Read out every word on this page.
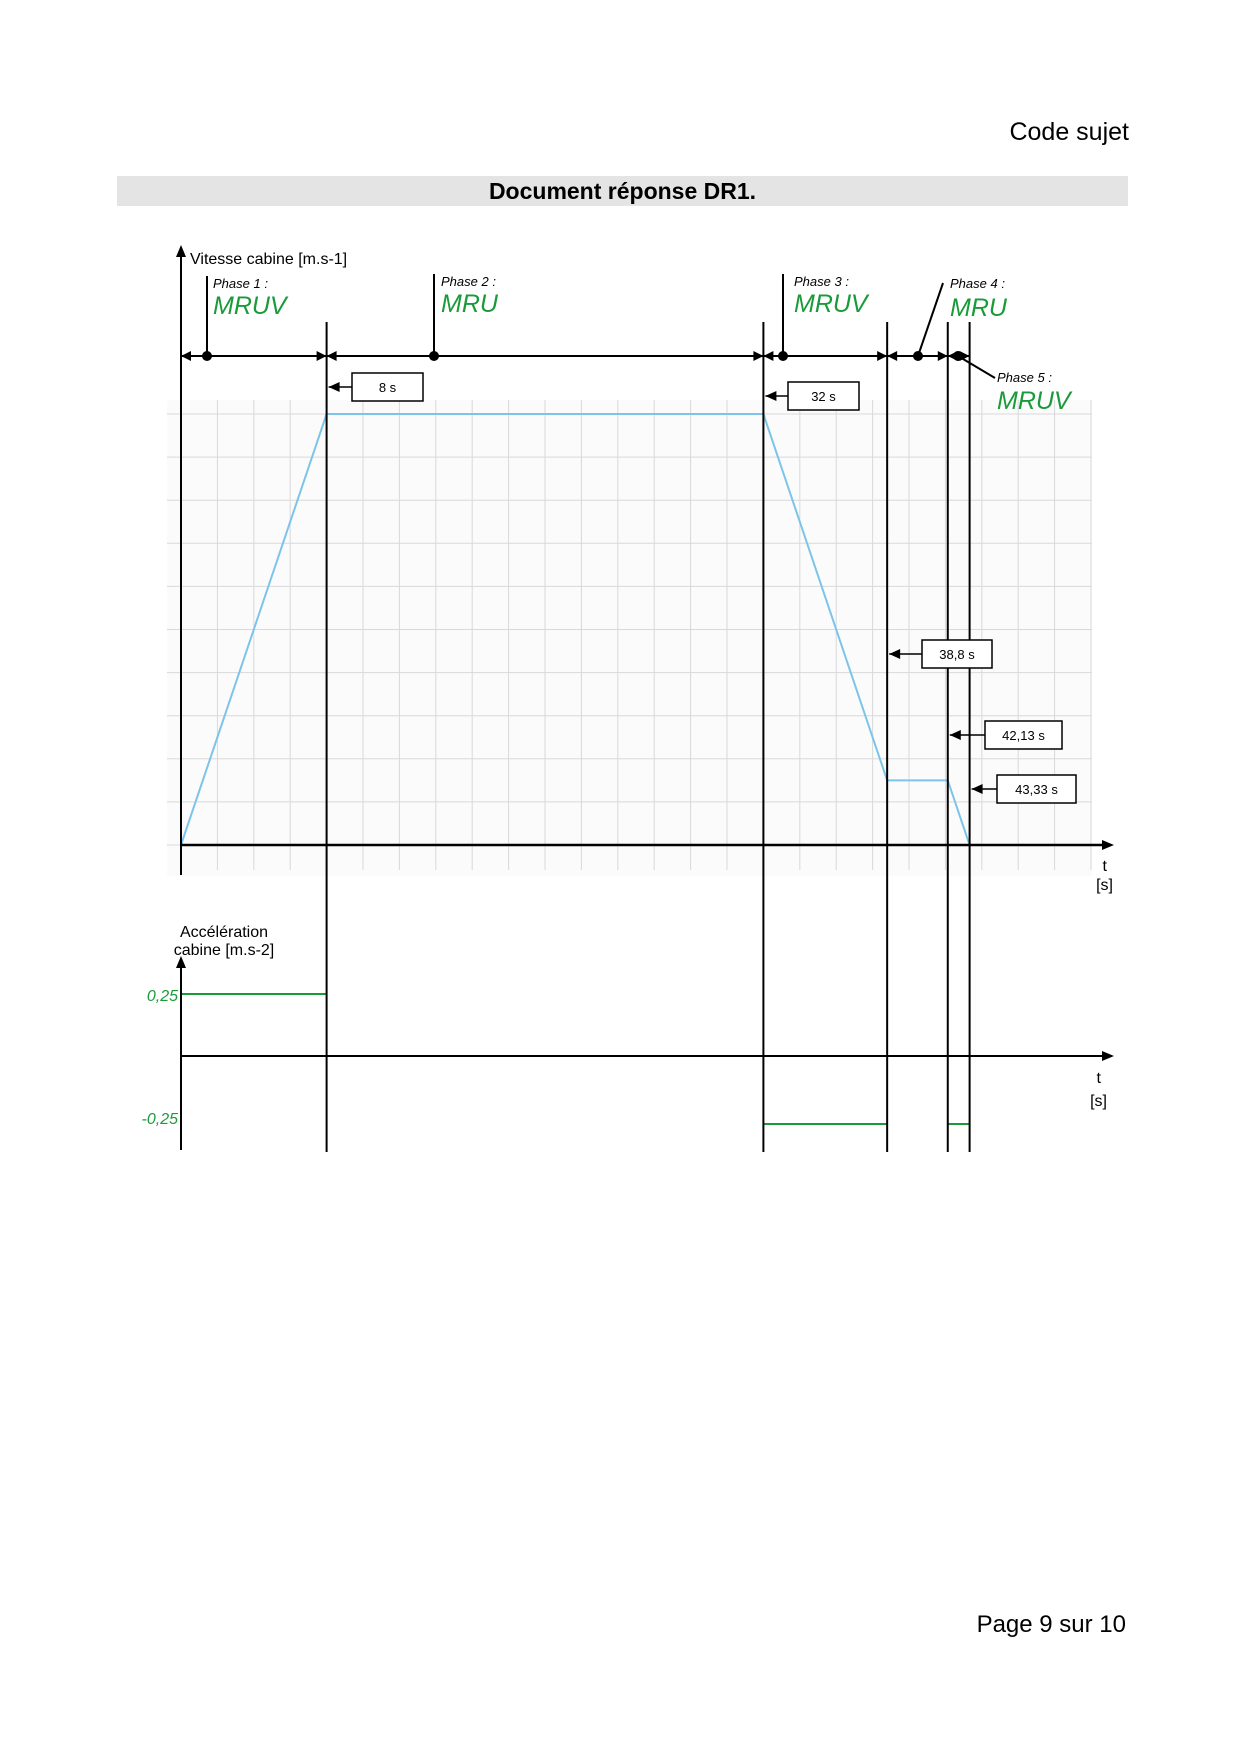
Code sujet
Document réponse DR1.
Phase 1 :
MRUV
Phase 2 :
MRU
Phase 3 :
MRUV
Phase 4 :
MRU
Phase 5 :
MRUV
8 s
32 s
38,8 s
42,13 s
43,33 s
Vitesse cabine [m.s-1]
t
[s]
Accélération
cabine [m.s-2]
t
[s]
0,25
-0,25
Page 9 sur 10
